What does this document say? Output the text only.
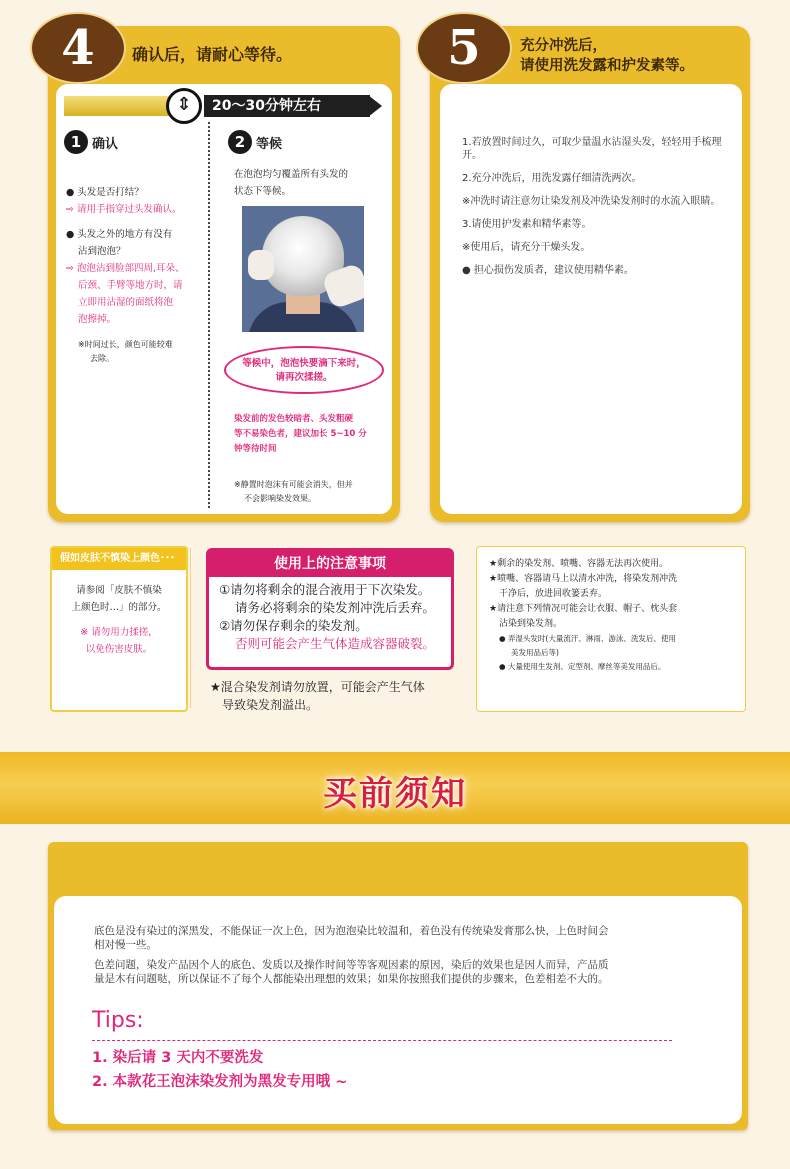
4	确认后，请耐心等待。
20～30分钟左右
⇕
1 确认
● 头发是否打结？
⇨ 请用手指穿过头发确认。
● 头发之外的地方有没有
沾到泡泡？
⇨ 泡泡沾到脸部四周,耳朵、
后颈、手臂等地方时，请
立即用沾湿的面纸将泡
泡擦掉。
※时间过长，颜色可能较难
去除。
2 等候
在泡泡均匀覆盖所有头发的
状态下等候。
等候中，泡泡快要滴下来时，
请再次揉搓。
染发前的发色较暗者、头发粗硬
等不易染色者，建议加长 5~10 分
钟等待时间
※静置时泡沫有可能会消失，但并
不会影响染发效果。
5	充分冲洗后，
请使用洗发露和护发素等。
1.若放置时间过久，可取少量温水沾湿头发，轻轻用手梳理开。
2.充分冲洗后，用洗发露仔细清洗两次。
※冲洗时请注意勿让染发剂及冲洗染发剂时的水流入眼睛。
3.请使用护发素和精华素等。
※使用后，请充分干燥头发。
● 担心损伤发质者，建议使用精华素。
假如皮肤不慎染上颜色･･･
请参阅「皮肤不慎染
上颜色时…」的部分。
※ 请勿用力揉搓，
以免伤害皮肤。
使用上的注意事项
①请勿将剩余的混合液用于下次染发。
请务必将剩余的染发剂冲洗后丢弃。
②请勿保存剩余的染发剂。
否则可能会产生气体造成容器破裂。
★混合染发剂请勿放置，可能会产生气体
导致染发剂溢出。
★剩余的染发剂、喷嘴、容器无法再次使用。
★喷嘴、容器请马上以清水冲洗，将染发剂冲洗
干净后，放进回收篓丢弃。
★请注意下列情况可能会让衣服、帽子、枕头套
沾染到染发剂。
● 弄湿头发时(大量流汗、淋雨、游泳、洗发后、使用
美发用品后等)
● 大量使用生发剂、定型剂、摩丝等美发用品后。
买前须知
底色是没有染过的深黑发，不能保证一次上色，因为泡泡染比较温和，着色没有传统染发膏那么快，上色时间会
相对慢一些。
色差问题，染发产品因个人的底色、发质以及操作时间等等客观因素的原因，染后的效果也是因人而异，产品质
量是木有问题哒，所以保证不了每个人都能染出理想的效果；如果你按照我们提供的步骤来，色差相差不大的。
Tips:
1. 染后请 3 天内不要洗发
2. 本款花王泡沫染发剂为黑发专用哦 ~
